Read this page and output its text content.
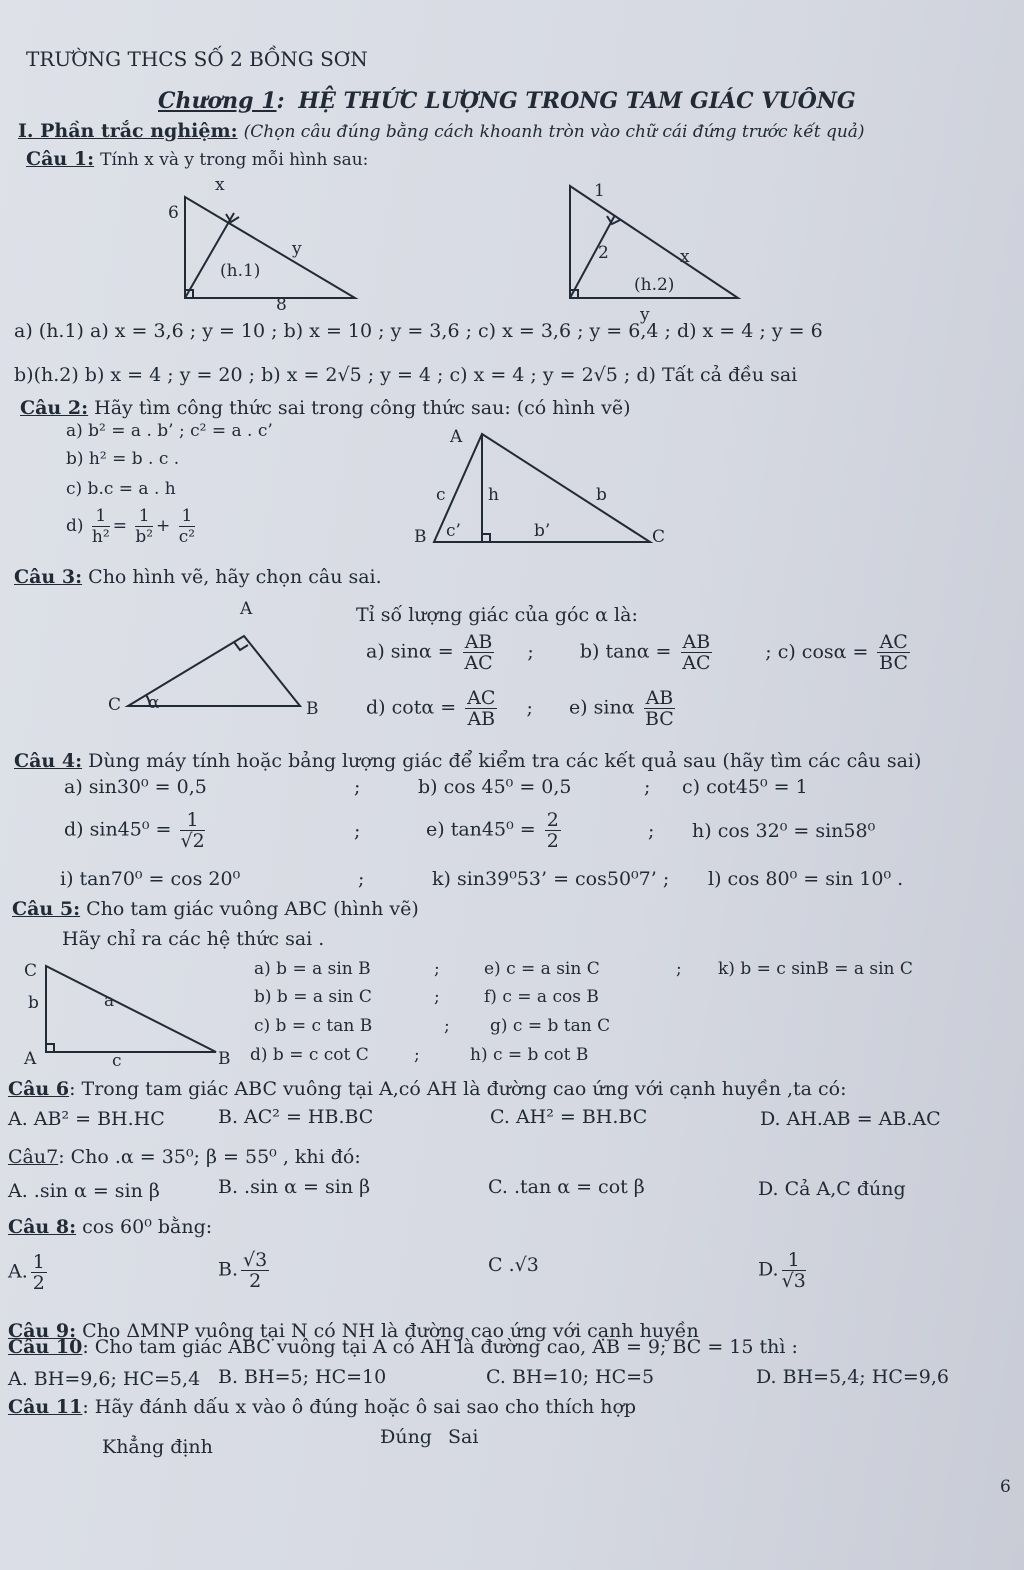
TRƯỜNG THCS SỐ 2 BỒNG SƠN
Chương 1: HỆ THỨC LƯỢNG TRONG TAM GIÁC VUÔNG
I. Phần trắc nghiệm: (Chọn câu đúng bằng cách khoanh tròn vào chữ cái đứng trước kết quả)
Câu 1: Tính x và y trong mỗi hình sau:
x
6
y
(h.1)
8
1
2	x
(h.2)
y
a) (h.1) a) x = 3,6 ; y = 10 ; b) x = 10 ; y = 3,6 ; c) x = 3,6 ; y = 6,4 ; d) x = 4 ; y = 6
b)(h.2) b) x = 4 ; y = 20 ; b) x = 2√5 ; y = 4 ; c) x = 4 ; y = 2√5 ; d) Tất cả đều sai
Câu 2: Hãy tìm công thức sai trong công thức sau: (có hình vẽ)
a) b² = a . b’ ; c² = a . c’
b) h² = b . c .
c) b.c = a . h
$d) \frac{1}{\text{h²}} = \frac{1}{\text{b²}} + \frac{1}{\text{c²}}$
A
B	C
c h	b
c’	b’
Câu 3: Cho hình vẽ, hãy chọn câu sai.
A
C	B
α
Tỉ số lượng giác của góc α là:
a) $\sin\alpha = \frac{AB}{AC}$ ; b) $\tan\alpha = \frac{AB}{AC}$	; c) $\cos\alpha = \frac{AC}{BC}$
d) $\cot\alpha = \frac{AC}{AB}$ ; e) sinα $\frac{AB}{BC}$
Câu 4: Dùng máy tính hoặc bảng lượng giác để kiểm tra các kết quả sau (hãy tìm các câu sai)
a) sin30⁰ = 0,5	;	b) cos 45⁰ = 0,5	; c) cot45⁰ = 1
d) $\sin 45^0 = \frac{1}{√2}$	;	e) $\tan 45^0 = \frac{2}{2}$	; h) cos 32⁰ = sin58⁰
i) tan70⁰ = cos 20⁰	;	k) sin39⁰53’ = cos50⁰7’ ; l) cos 80⁰ = sin 10⁰ .
Câu 5: Cho tam giác vuông ABC (hình vẽ)
Hãy chỉ ra các hệ thức sai .
C
b	a
A	c	B
a) b = a sin B	;	e) c = a sin C	; k) b = c sinB = a sin C
b) b = a sin C	;	f) c = a cos B
c) b = c tan B	; g) c = b tan C
d) b = c cot C	;	h) c = b cot B
Câu 6: Trong tam giác ABC vuông tại A,có AH là đường cao ứng với cạnh huyền ,ta có:
A. AB² = BH.HC	B. AC² = HB.BC	C. AH² = BH.BC	D. AH.AB = AB.AC
Câu7: Cho .α = 35⁰; β = 55⁰ , khi đó:
A. .sin α = sin β	B. .sin α = sin β	C. .tan α = cot β	D. Cả A,C đúng
Câu 8: cos 60⁰ bằng:
A. $\frac{1}{2}$	B. $\frac{√3}{2}$	C .√3	D. $\frac{1}{√3}$
Câu 9: Cho ΔMNP vuông tại N có NH là đường cao ứng với cạnh huyền
Câu 10: Cho tam giác ABC vuông tại A có AH là đường cao, AB = 9; BC = 15 thì :
A. BH=9,6; HC=5,4 B. BH=5; HC=10	C. BH=10; HC=5	D. BH=5,4; HC=9,6
Câu 11: Hãy đánh dấu x vào ô đúng hoặc ô sai sao cho thích hợp
Khẳng định	Đúng Sai
6
